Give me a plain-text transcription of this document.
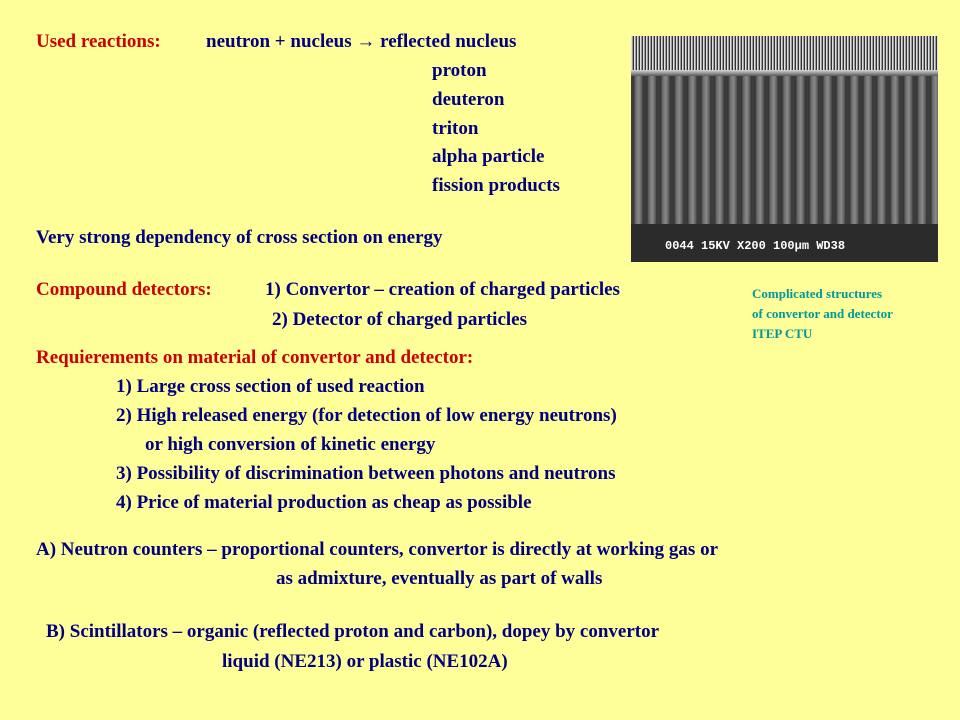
Used reactions: neutron + nucleus → reflected nucleus
proton
deuteron
triton
alpha particle
fission products
Very strong dependency of cross section on energy
Compound detectors:	1) Convertor – creation of charged particles
2) Detector of charged particles
Requierements on material of convertor and detector:
1) Large cross section of used reaction
2) High released energy (for detection of low energy neutrons)
or high conversion of kinetic energy
3) Possibility of discrimination between photons and neutrons
4) Price of material production as cheap as possible
A) Neutron counters – proportional counters, convertor is directly at working gas or
as admixture, eventually as part of walls
B) Scintillators – organic (reflected proton and carbon), dopey by convertor
liquid (NE213) or plastic (NE102A)
0044 15KV X200 100μm WD38
Complicated structures
of convertor and detector
ITEP CTU
